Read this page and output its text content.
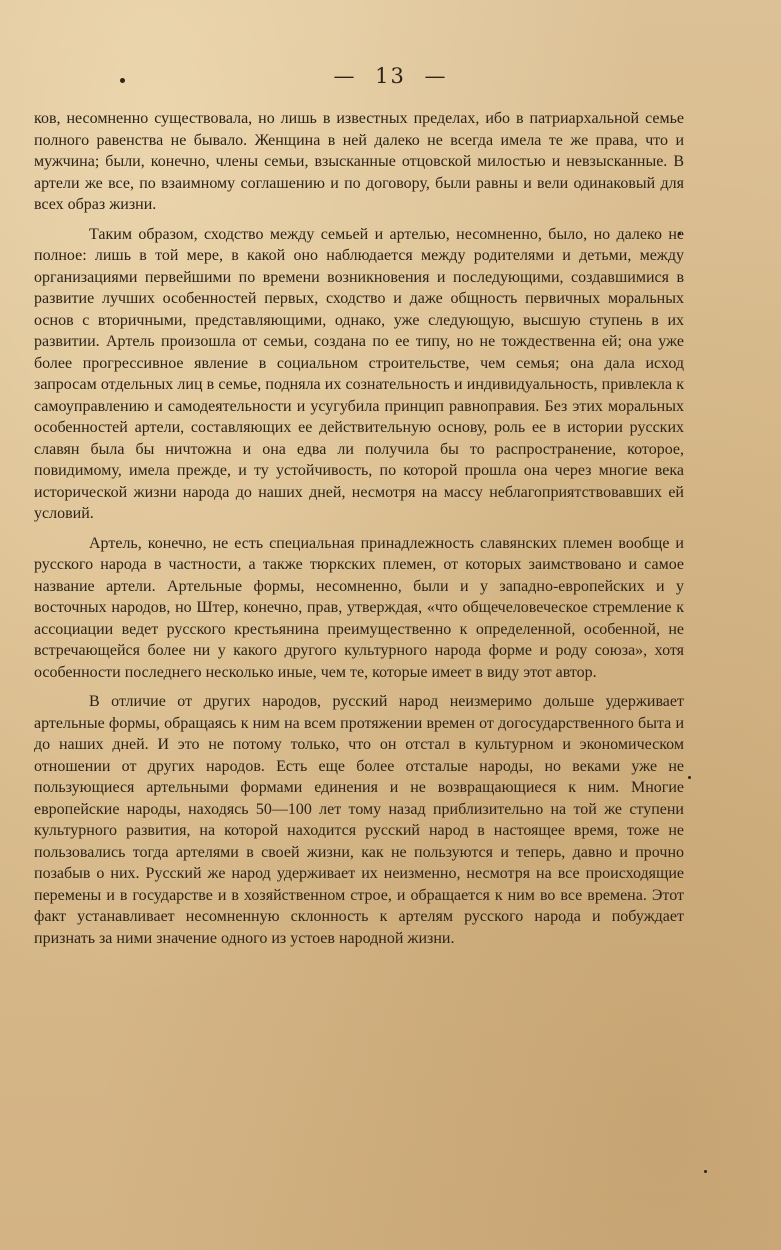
— 13 —

ков, несомненно существовала, но лишь в известных пределах, ибо в патриархальной семье полного равенства не бывало. Женщина в ней далеко не всегда имела те же права, что и мужчина; были, конечно, члены семьи, взысканные отцовской милостью и невзысканные. В артели же все, по взаимному соглашению и по договору, были равны и вели одинаковый для всех образ жизни.

Таким образом, сходство между семьей и артелью, несомненно, было, но далеко не полное: лишь в той мере, в какой оно наблюдается между родителями и детьми, между организациями первейшими по времени возникновения и последующими, создавшимися в развитие лучших особенностей первых, сходство и даже общность первичных моральных основ с вторичными, представляющими, однако, уже следующую, высшую ступень в их развитии. Артель произошла от семьи, создана по ее типу, но не тождественна ей; она уже более прогрессивное явление в социальном строительстве, чем семья; она дала исход запросам отдельных лиц в семье, подняла их сознательность и индивидуальность, привлекла к самоуправлению и самодеятельности и усугубила принцип равноправия. Без этих моральных особенностей артели, составляющих ее действительную основу, роль ее в истории русских славян была бы ничтожна и она едва ли получила бы то распространение, которое, повидимому, имела прежде, и ту устойчивость, по которой прошла она через многие века исторической жизни народа до наших дней, несмотря на массу неблагоприятствовавших ей условий.

Артель, конечно, не есть специальная принадлежность славянских племен вообще и русского народа в частности, а также тюркских племен, от которых заимствовано и самое название артели. Артельные формы, несомненно, были и у западно-европейских и у восточных народов, но Штер, конечно, прав, утверждая, «что общечеловеческое стремление к ассоциации ведет русского крестьянина преимущественно к определенной, особенной, не встречающейся более ни у какого другого культурного народа форме и роду союза», хотя особенности последнего несколько иные, чем те, которые имеет в виду этот автор.

В отличие от других народов, русский народ неизмеримо дольше удерживает артельные формы, обращаясь к ним на всем протяжении времен от догосударственного быта и до наших дней. И это не потому только, что он отстал в культурном и экономическом отношении от других народов. Есть еще более отсталые народы, но веками уже не пользующиеся артельными формами единения и не возвращающиеся к ним. Многие европейские народы, находясь 50—100 лет тому назад приблизительно на той же ступени культурного развития, на которой находится русский народ в настоящее время, тоже не пользовались тогда артелями в своей жизни, как не пользуются и теперь, давно и прочно позабыв о них. Русский же народ удерживает их неизменно, несмотря на все происходящие перемены и в государстве и в хозяйственном строе, и обращается к ним во все времена. Этот факт устанавливает несомненную склонность к артелям русского народа и побуждает признать за ними значение одного из устоев народной жизни.
